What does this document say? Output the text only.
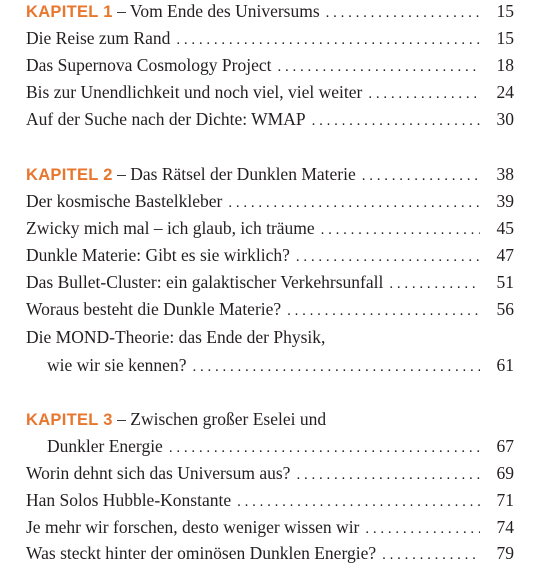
KAPITEL 1 – Vom Ende des Universums . . .	15
Die Reise zum Rand . . .	15
Das Supernova Cosmology Project . . .	18
Bis zur Unendlichkeit und noch viel, viel weiter . . .	24
Auf der Suche nach der Dichte: WMAP . . .	30
KAPITEL 2 – Das Rätsel der Dunklen Materie . . .	38
Der kosmische Bastelkleber . . .	39
Zwicky mich mal – ich glaub, ich träume . . .	45
Dunkle Materie: Gibt es sie wirklich? . . .	47
Das Bullet-Cluster: ein galaktischer Verkehrsunfall . . .	51
Woraus besteht die Dunkle Materie? . . .	56
Die MOND-Theorie: das Ende der Physik,
wie wir sie kennen? . . .	61
KAPITEL 3 – Zwischen großer Eselei und
Dunkler Energie . . .	67
Worin dehnt sich das Universum aus? . . .	69
Han Solos Hubble-Konstante . . .	71
Je mehr wir forschen, desto weniger wissen wir . . .	74
Was steckt hinter der ominösen Dunklen Energie? . . .	79
